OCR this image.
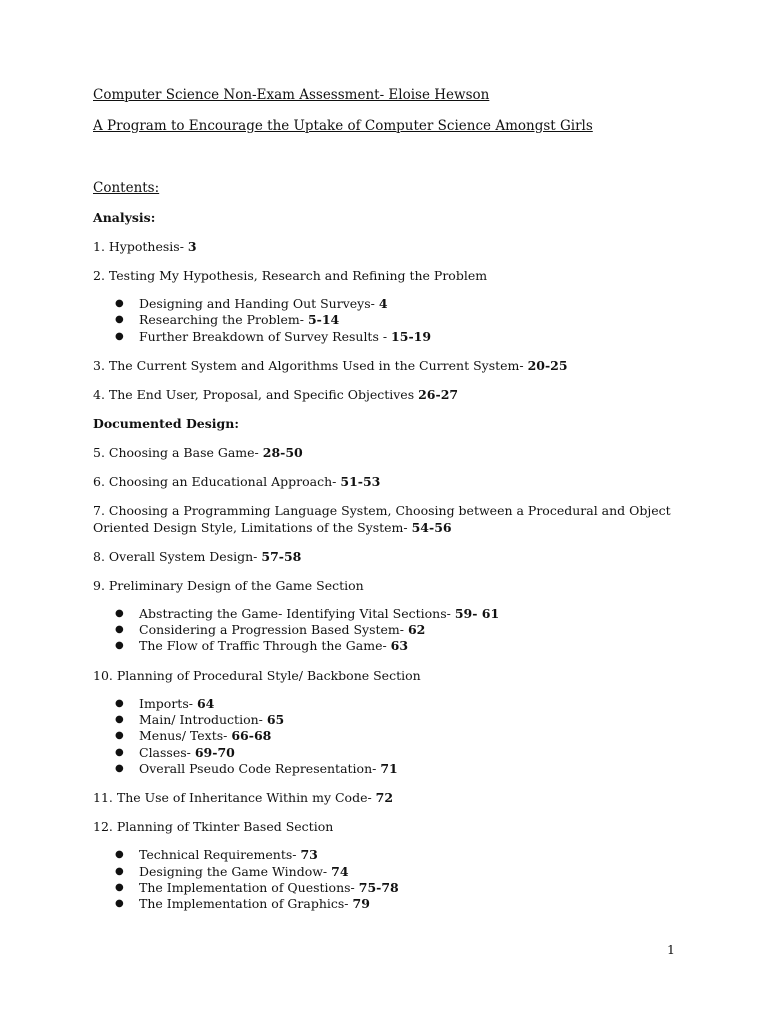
Computer Science Non-Exam Assessment- Eloise Hewson
A Program to Encourage the Uptake of Computer Science Amongst Girls
Contents:
Analysis:
1. Hypothesis- 3
2. Testing My Hypothesis, Research and Refining the Problem
● Designing and Handing Out Surveys- 4
● Researching the Problem- 5-14
● Further Breakdown of Survey Results - 15-19
3. The Current System and Algorithms Used in the Current System- 20-25
4. The End User, Proposal, and Specific Objectives 26-27
Documented Design:
5. Choosing a Base Game- 28-50
6. Choosing an Educational Approach- 51-53
7. Choosing a Programming Language System, Choosing between a Procedural and Object Oriented Design Style, Limitations of the System- 54-56
8. Overall System Design- 57-58
9. Preliminary Design of the Game Section
● Abstracting the Game- Identifying Vital Sections- 59- 61
● Considering a Progression Based System- 62
● The Flow of Traffic Through the Game- 63
10. Planning of Procedural Style/ Backbone Section
● Imports- 64
● Main/ Introduction- 65
● Menus/ Texts- 66-68
● Classes- 69-70
● Overall Pseudo Code Representation- 71
11. The Use of Inheritance Within my Code- 72
12. Planning of Tkinter Based Section
● Technical Requirements- 73
● Designing the Game Window- 74
● The Implementation of Questions- 75-78
● The Implementation of Graphics- 79
1
